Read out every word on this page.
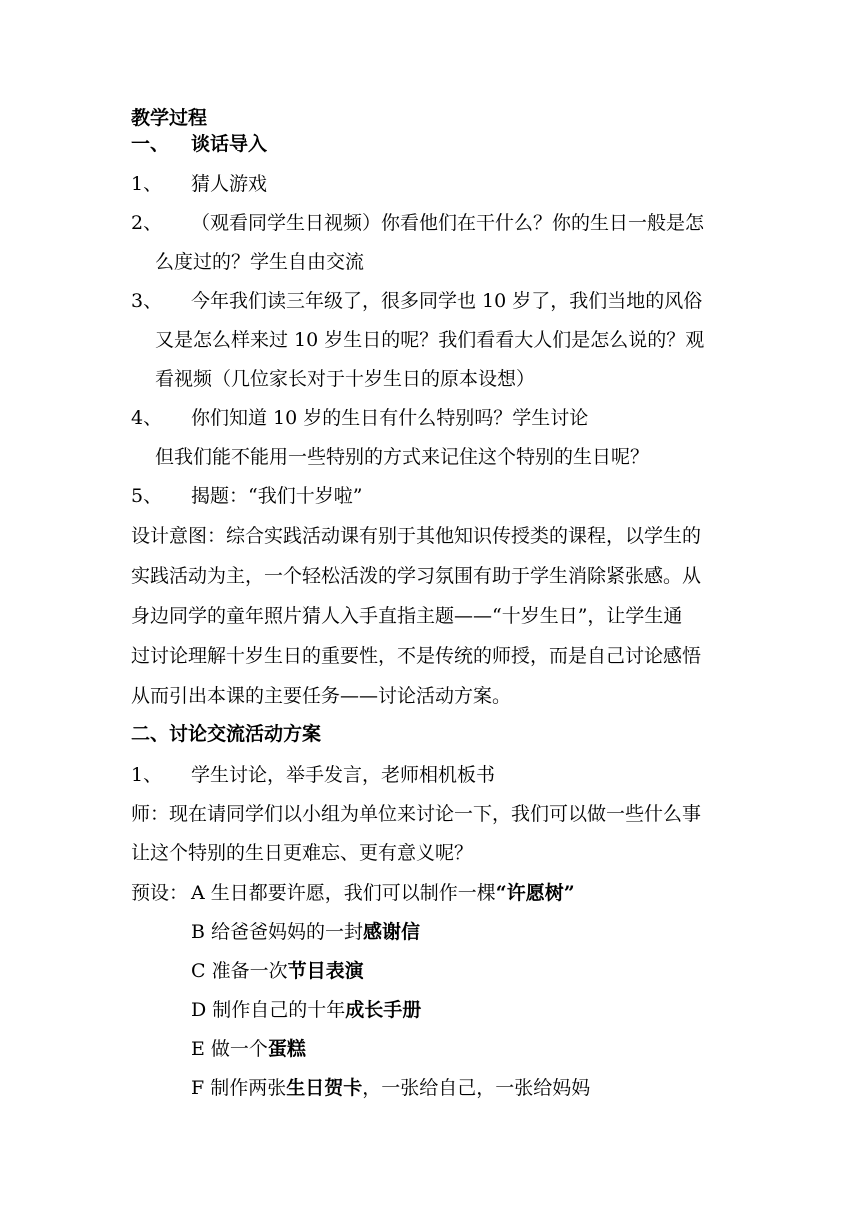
教学过程
一、 谈话导入
1、 猜人游戏
2、 （观看同学生日视频）你看他们在干什么？你的生日一般是怎
么度过的？学生自由交流
3、 今年我们读三年级了，很多同学也 10 岁了，我们当地的风俗
又是怎么样来过 10 岁生日的呢？我们看看大人们是怎么说的？观
看视频（几位家长对于十岁生日的原本设想）
4、 你们知道 10 岁的生日有什么特别吗？学生讨论
但我们能不能用一些特别的方式来记住这个特别的生日呢？
5、 揭题：“我们十岁啦”
设计意图：综合实践活动课有别于其他知识传授类的课程，以学生的
实践活动为主，一个轻松活泼的学习氛围有助于学生消除紧张感。从
身边同学的童年照片猜人入手直指主题——“十岁生日”，让学生通
过讨论理解十岁生日的重要性，不是传统的师授，而是自己讨论感悟
从而引出本课的主要任务——讨论活动方案。
二、讨论交流活动方案
1、 学生讨论，举手发言，老师相机板书
师：现在请同学们以小组为单位来讨论一下，我们可以做一些什么事
让这个特别的生日更难忘、更有意义呢？
预设： A 生日都要许愿，我们可以制作一棵“许愿树”
B 给爸爸妈妈的一封感谢信
C 准备一次节目表演
D 制作自己的十年成长手册
E 做一个蛋糕
F 制作两张生日贺卡，一张给自己，一张给妈妈
